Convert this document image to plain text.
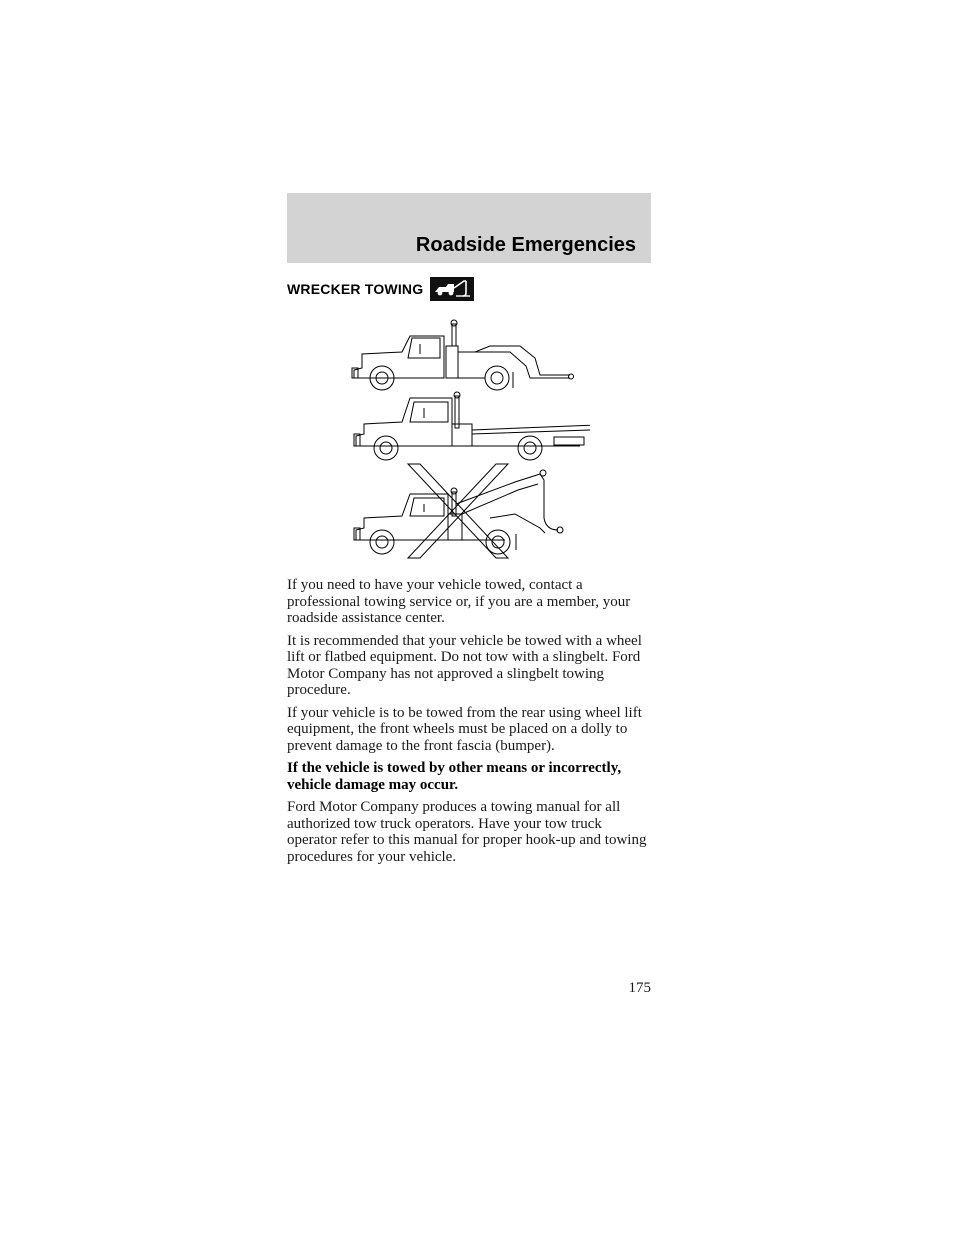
Roadside Emergencies
WRECKER TOWING

If you need to have your vehicle towed, contact a professional towing service or, if you are a member, your roadside assistance center.

It is recommended that your vehicle be towed with a wheel lift or flatbed equipment. Do not tow with a slingbelt. Ford Motor Company has not approved a slingbelt towing procedure.

If your vehicle is to be towed from the rear using wheel lift equipment, the front wheels must be placed on a dolly to prevent damage to the front fascia (bumper).

If the vehicle is towed by other means or incorrectly, vehicle damage may occur.

Ford Motor Company produces a towing manual for all authorized tow truck operators. Have your tow truck operator refer to this manual for proper hook-up and towing procedures for your vehicle.

175
